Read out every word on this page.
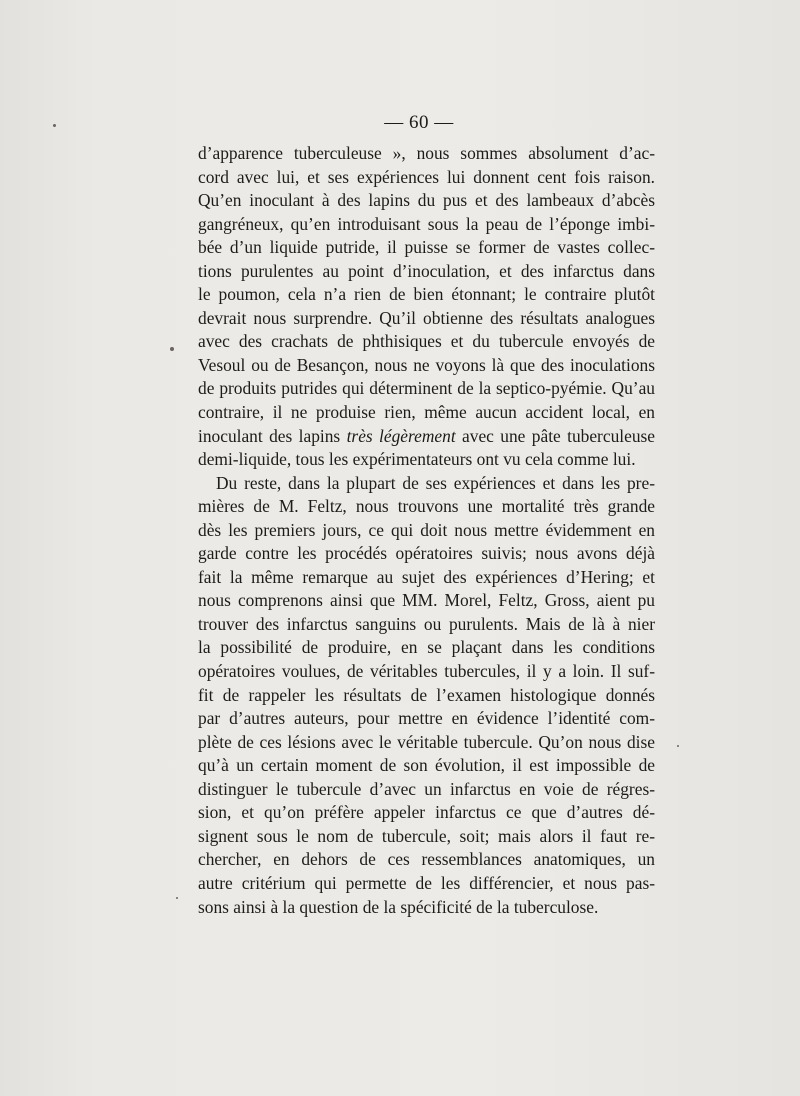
— 60 —
d’apparence tuberculeuse », nous sommes absolument d’ac-
cord avec lui, et ses expériences lui donnent cent fois raison.
Qu’en inoculant à des lapins du pus et des lambeaux d’abcès
gangréneux, qu’en introduisant sous la peau de l’éponge imbi-
bée d’un liquide putride, il puisse se former de vastes collec-
tions purulentes au point d’inoculation, et des infarctus dans
le poumon, cela n’a rien de bien étonnant; le contraire plutôt
devrait nous surprendre. Qu’il obtienne des résultats analogues
avec des crachats de phthisiques et du tubercule envoyés de
Vesoul ou de Besançon, nous ne voyons là que des inoculations
de produits putrides qui déterminent de la septico-pyémie. Qu’au
contraire, il ne produise rien, même aucun accident local, en
inoculant des lapins très légèrement avec une pâte tuberculeuse
demi-liquide, tous les expérimentateurs ont vu cela comme lui.
Du reste, dans la plupart de ses expériences et dans les pre-
mières de M. Feltz, nous trouvons une mortalité très grande
dès les premiers jours, ce qui doit nous mettre évidemment en
garde contre les procédés opératoires suivis; nous avons déjà
fait la même remarque au sujet des expériences d’Hering; et
nous comprenons ainsi que MM. Morel, Feltz, Gross, aient pu
trouver des infarctus sanguins ou purulents. Mais de là à nier
la possibilité de produire, en se plaçant dans les conditions
opératoires voulues, de véritables tubercules, il y a loin. Il suf-
fit de rappeler les résultats de l’examen histologique donnés
par d’autres auteurs, pour mettre en évidence l’identité com-
plète de ces lésions avec le véritable tubercule. Qu’on nous dise
qu’à un certain moment de son évolution, il est impossible de
distinguer le tubercule d’avec un infarctus en voie de régres-
sion, et qu’on préfère appeler infarctus ce que d’autres dé-
signent sous le nom de tubercule, soit; mais alors il faut re-
chercher, en dehors de ces ressemblances anatomiques, un
autre critérium qui permette de les différencier, et nous pas-
sons ainsi à la question de la spécificité de la tuberculose.
